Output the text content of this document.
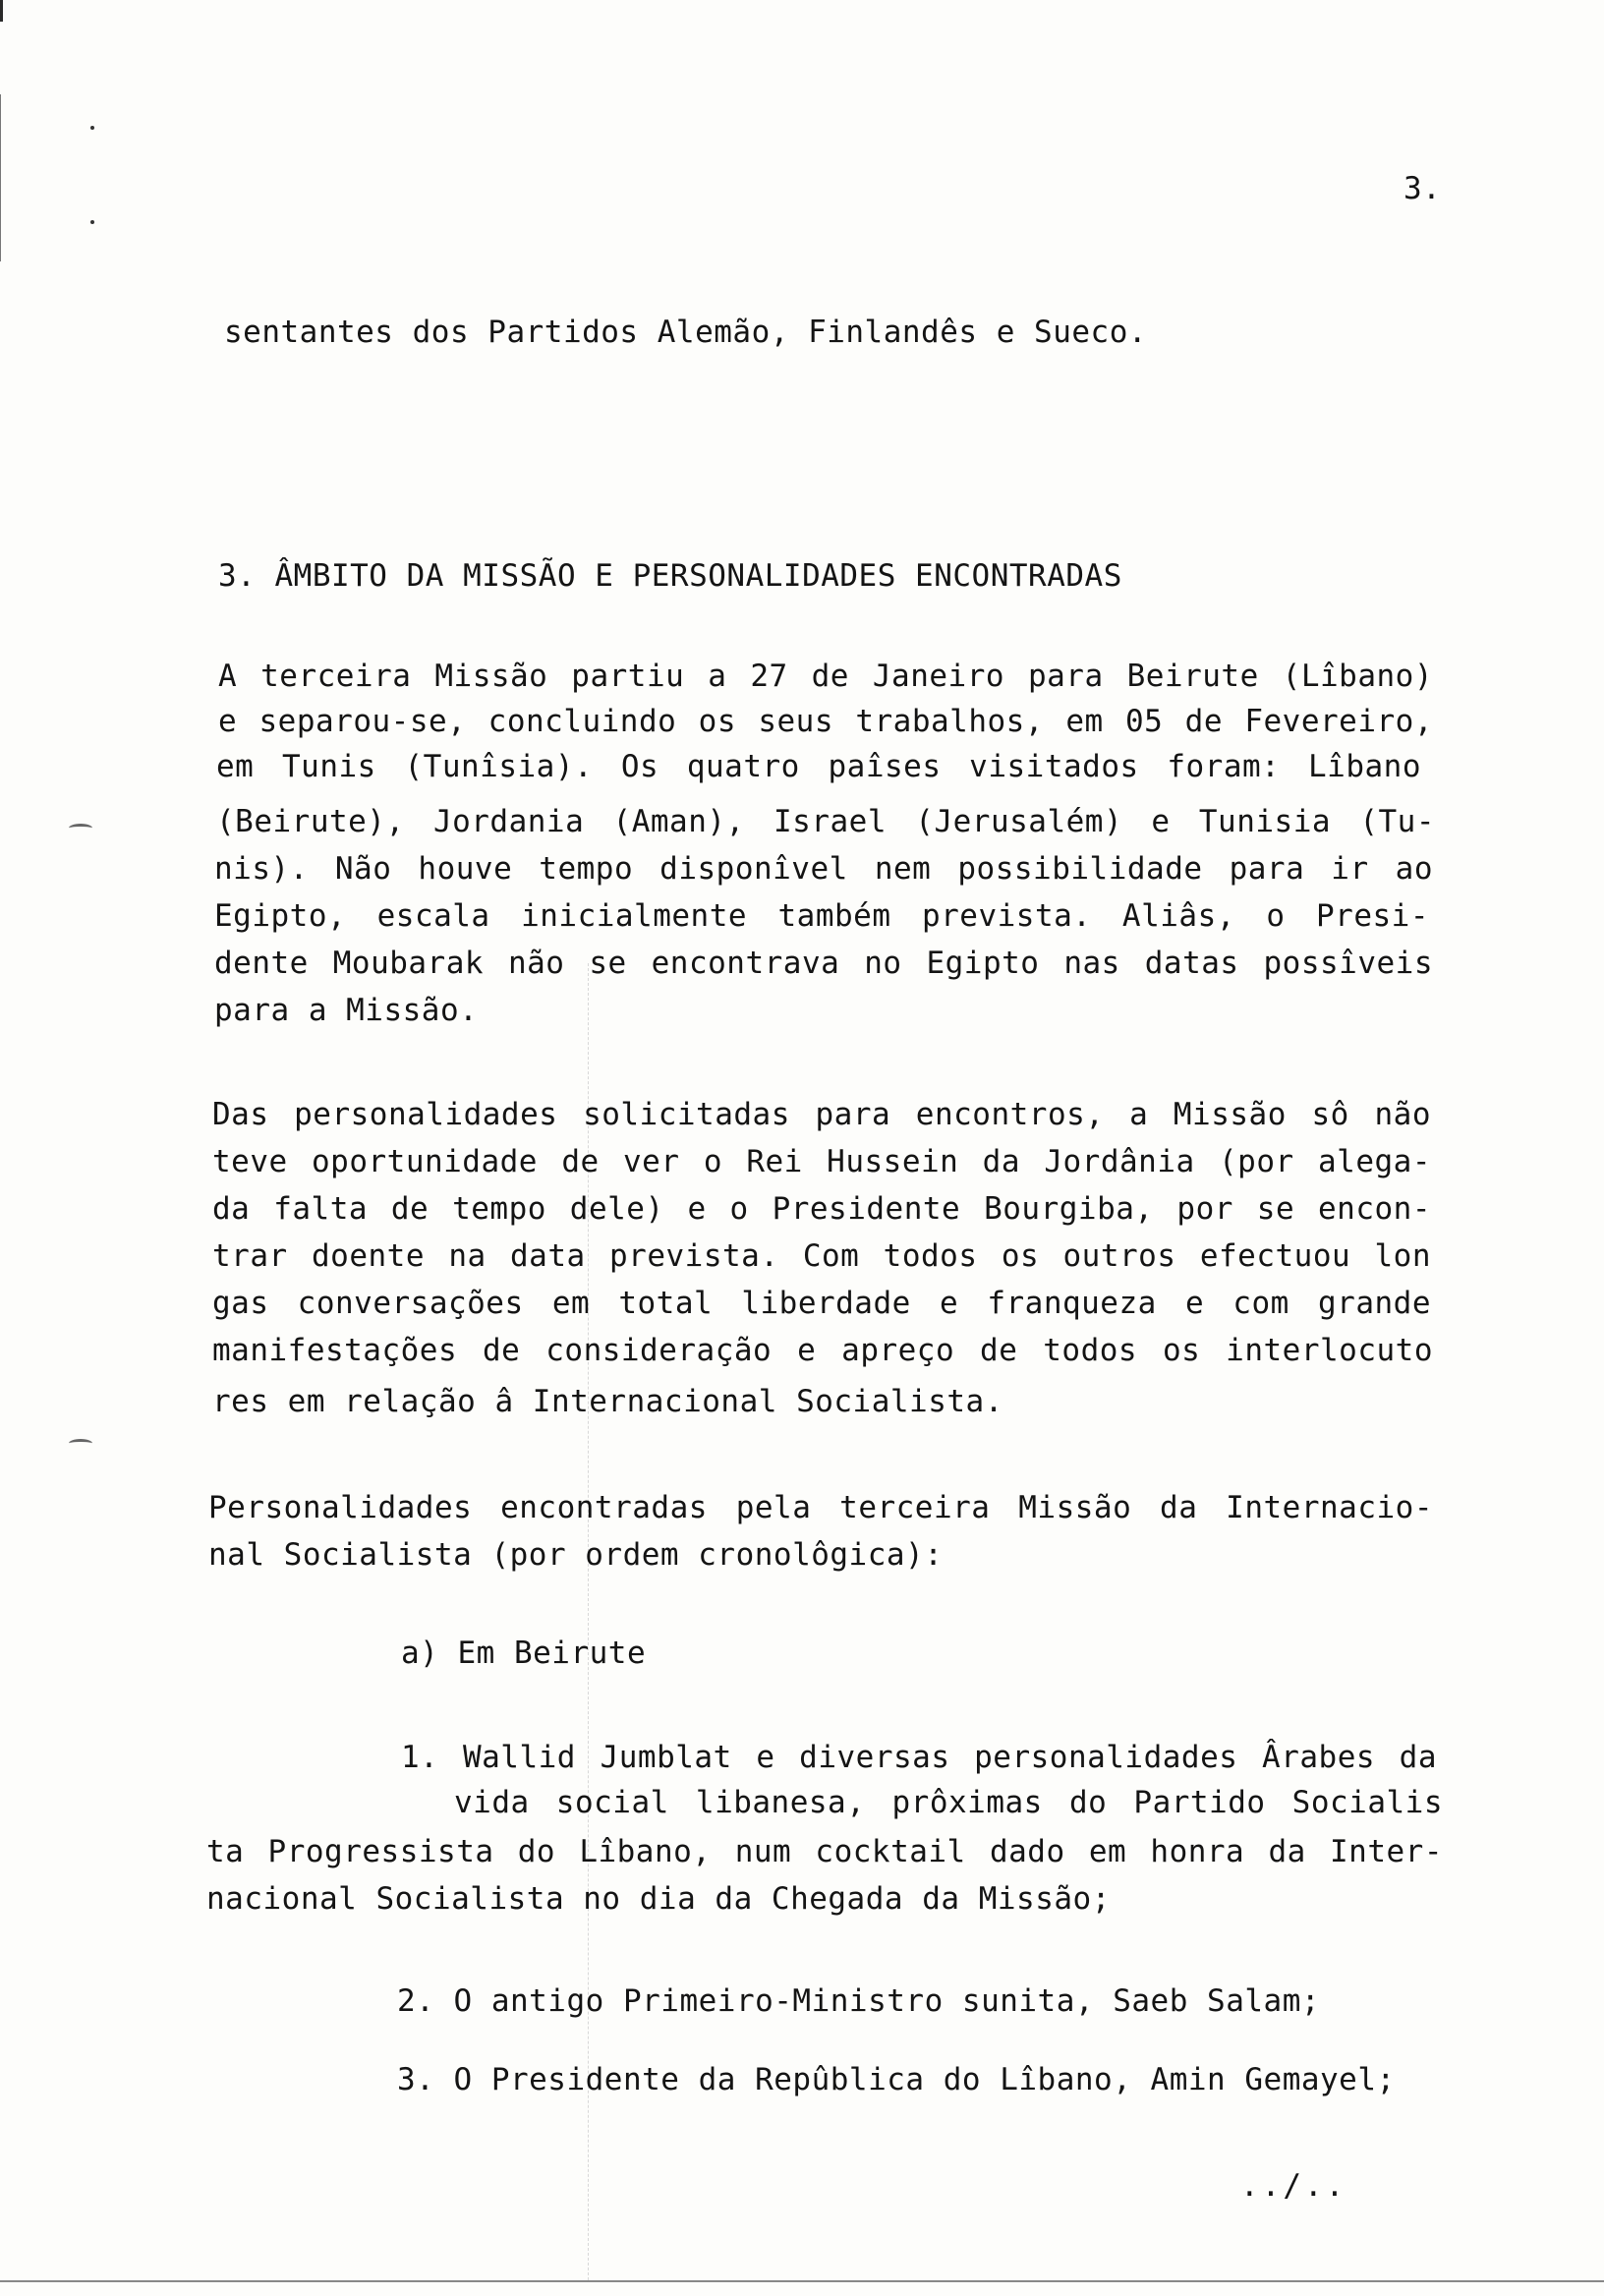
3.
sentantes dos Partidos Alemão, Finlandês e Sueco.
3. ÂMBITO DA MISSÃO E PERSONALIDADES ENCONTRADAS
A terceira Missão partiu a 27 de Janeiro para Beirute (Lîbano)
e separou-se, concluindo os seus trabalhos, em 05 de Fevereiro,
em Tunis (Tunîsia). Os quatro paîses visitados foram: Lîbano
(Beirute), Jordania (Aman), Israel (Jerusalém) e Tunisia (Tu-
nis). Não houve tempo disponîvel nem possibilidade para ir ao
Egipto, escala inicialmente também prevista. Aliâs, o Presi-
dente Moubarak não se encontrava no Egipto nas datas possîveis
para a Missão.
Das personalidades solicitadas para encontros, a Missão sô não
teve oportunidade de ver o Rei Hussein da Jordânia (por alega-
da falta de tempo dele) e o Presidente Bourgiba, por se encon-
trar doente na data prevista. Com todos os outros efectuou lon
gas conversações em total liberdade e franqueza e com grande
manifestações de consideração e apreço de todos os interlocuto
res em relação â Internacional Socialista.
Personalidades encontradas pela terceira Missão da Internacio-
nal Socialista (por ordem cronolôgica):
a) Em Beirute
1. Wallid Jumblat e diversas personalidades Ârabes da
vida social libanesa, prôximas do Partido Socialis
ta Progressista do Lîbano, num cocktail dado em honra da Inter-
nacional Socialista no dia da Chegada da Missão;
2. O antigo Primeiro-Ministro sunita, Saeb Salam;
3. O Presidente da Repûblica do Lîbano, Amin Gemayel;
../..
